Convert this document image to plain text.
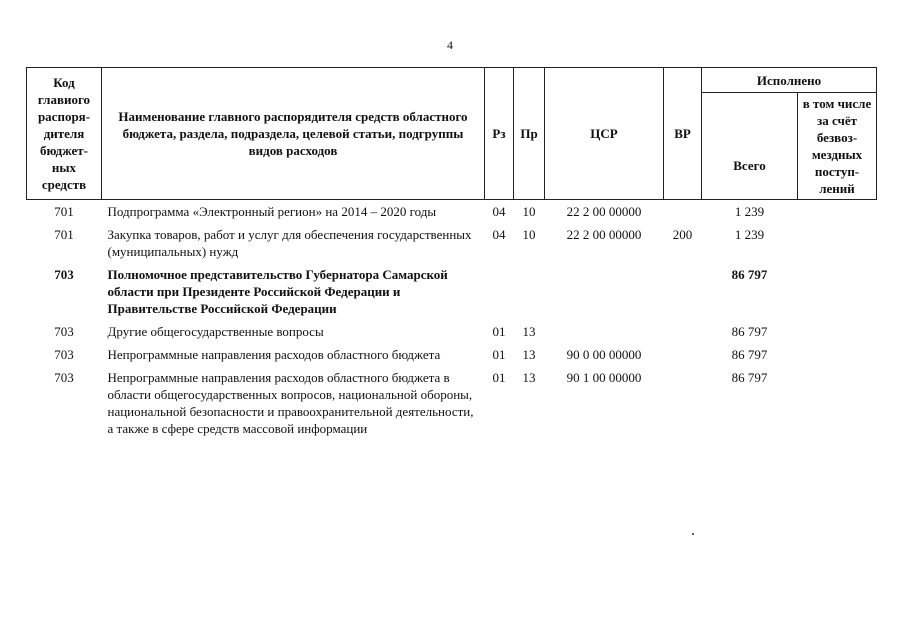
4
Код главиого распоря-дителя бюджет-ных средств	Наименование главного распорядителя средств областного бюджета, раздела, подраздела, целевой статьи, подгруппы видов расходов	Рз	Пр	ЦСР	ВР	Исполнено	
						Всего	в том числе за счёт безвоз-мездных поступ-лений
701	Подпрограмма «Электронный регион» на 2014 – 2020 годы	04	10	22 2 00 00000		1 239	
701	Закупка товаров, работ и услуг для обеспечения государственных (муниципальных) нужд	04	10	22 2 00 00000	200	1 239	
703	Полномочное представительство Губернатора Самарской области при Президенте Российской Федерации и Правительстве Российской Федерации					86 797	
703	Другие общегосударственные вопросы	01	13			86 797	
703	Непрограммные направления расходов областного бюджета	01	13	90 0 00 00000		86 797	
703	Непрограммные направления расходов областного бюджета в области общегосударственных вопросов, национальной обороны, национальной безопасности и правоохранительной деятельности, а также в сфере средств массовой информации	01	13	90 1 00 00000		86 797	
